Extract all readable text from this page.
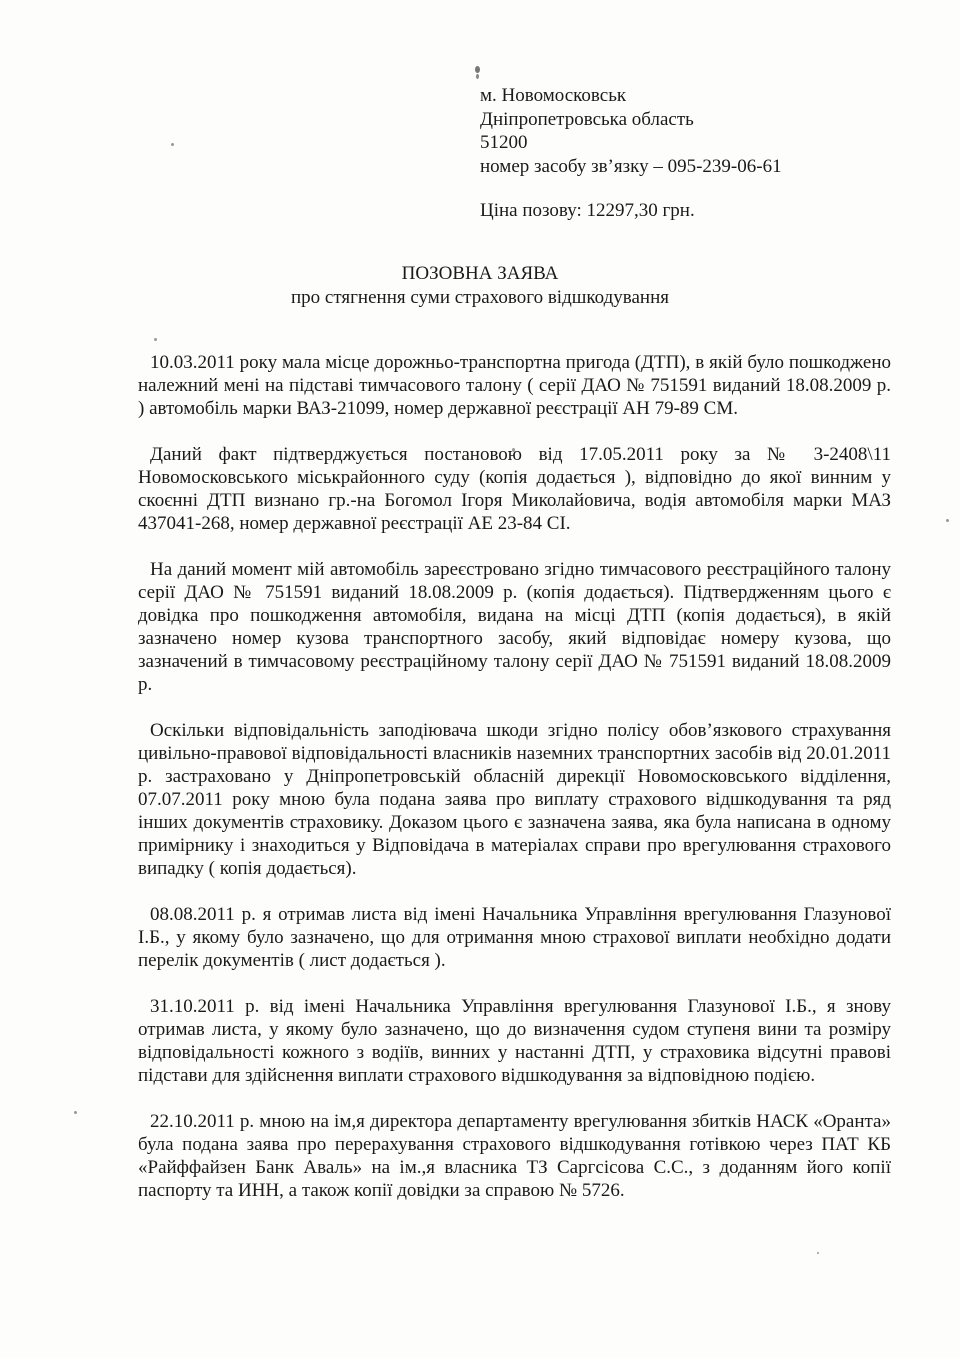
м. Новомосковськ
Дніпропетровська область
51200
номер засобу зв’язку – 095-239-06-61
Ціна позову: 12297,30 грн.
ПОЗОВНА ЗАЯВА
про стягнення суми страхового відшкодування

10.03.2011 року мала місце дорожньо-транспортна пригода (ДТП), в якій було пошкоджено належний мені на підставі тимчасового талону ( серії ДАО № 751591 виданий 18.08.2009 р. ) автомобіль марки ВАЗ-21099, номер державної реєстрації АН 79-89 СМ.

Даний факт підтверджується постановою від 17.05.2011 року за № 3-2408\11 Новомосковського міськрайонного суду (копія додається ), відповідно до якої винним у скоєнні ДТП визнано гр.-на Богомол Ігоря Миколайовича, водія автомобіля марки МАЗ 437041-268, номер державної реєстрації АЕ 23-84 СІ.

На даний момент мій автомобіль зареєстровано згідно тимчасового реєстраційного талону серії ДАО № 751591 виданий 18.08.2009 р. (копія додається). Підтвердженням цього є довідка про пошкодження автомобіля, видана на місці ДТП (копія додається), в якій зазначено номер кузова транспортного засобу, який відповідає номеру кузова, що зазначений в тимчасовому реєстраційному талону серії ДАО № 751591 виданий 18.08.2009 р.

Оскільки відповідальність заподіювача шкоди згідно полісу обов’язкового страхування цивільно-правової відповідальності власників наземних транспортних засобів від 20.01.2011 р. застраховано у Дніпропетровській обласній дирекції Новомосковського відділення, 07.07.2011 року мною була подана заява про виплату страхового відшкодування та ряд інших документів страховику. Доказом цього є зазначена заява, яка була написана в одному примірнику і знаходиться у Відповідача в матеріалах справи про врегулювання страхового випадку ( копія додається).

08.08.2011 р. я отримав листа від імені Начальника Управління врегулювання Глазунової І.Б., у якому було зазначено, що для отримання мною страхової виплати необхідно додати перелік документів ( лист додається ).

31.10.2011 р. від імені Начальника Управління врегулювання Глазунової І.Б., я знову отримав листа, у якому було зазначено, що до визначення судом ступеня вини та розміру відповідальності кожного з водіїв, винних у настанні ДТП, у страховика відсутні правові підстави для здійснення виплати страхового відшкодування за відповідною подією.

22.10.2011 р. мною на ім,я директора департаменту врегулювання збитків НАСК «Оранта» була подана заява про перерахування страхового відшкодування готівкою через ПАТ КБ «Райффайзен Банк Аваль» на ім.,я власника ТЗ Саргсісова С.С., з доданням його копії паспорту та ИНН, а також копії довідки за справою № 5726.
